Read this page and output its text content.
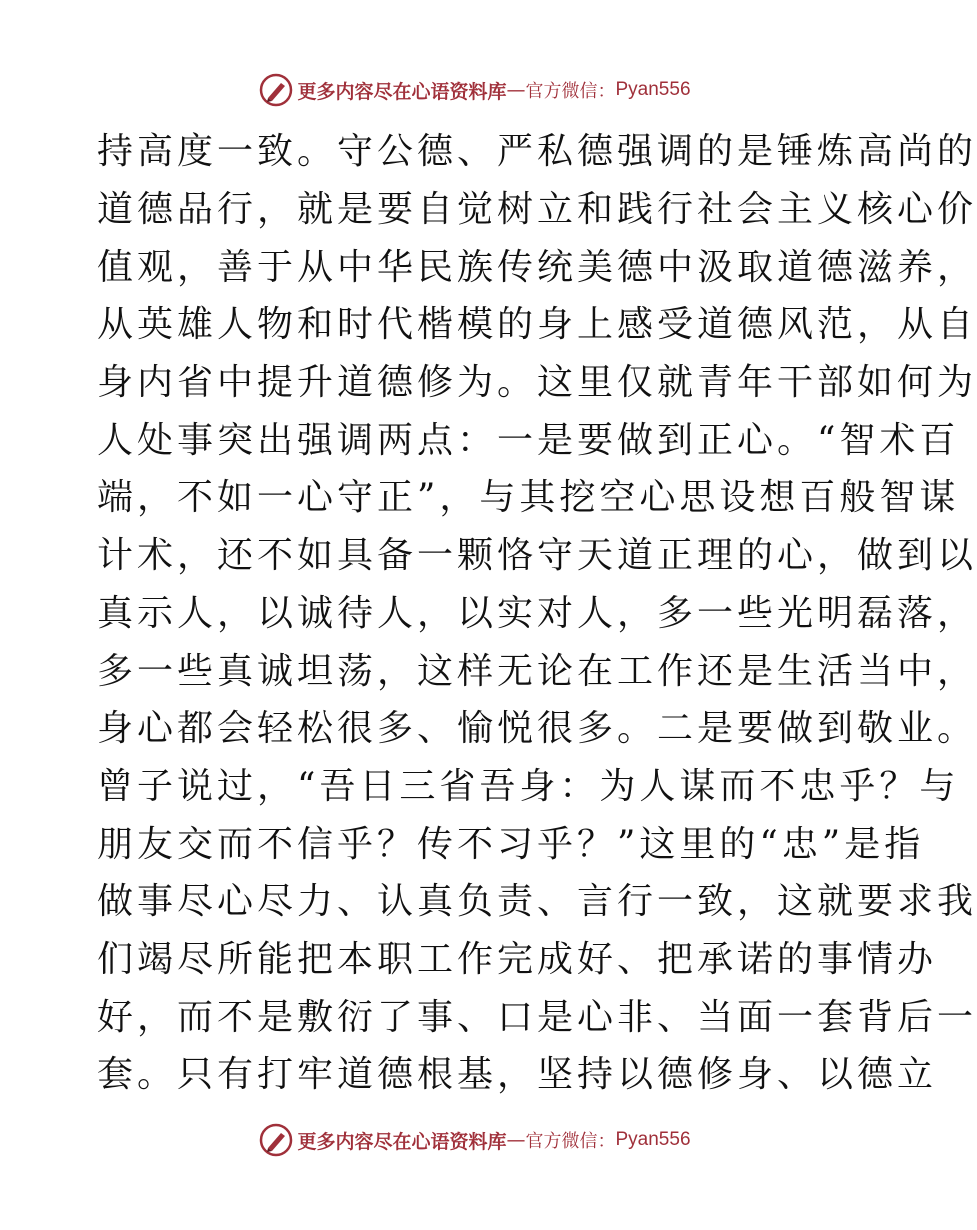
更多内容尽在心语资料库 — 官方微信： Pyan556
持高度一致。守公德、严私德强调的是锤炼高尚的
道德品行，就是要自觉树立和践行社会主义核心价
值观，善于从中华民族传统美德中汲取道德滋养，
从英雄人物和时代楷模的身上感受道德风范，从自
身内省中提升道德修为。这里仅就青年干部如何为
人处事突出强调两点：一是要做到正心。“智术百
端，不如一心守正”，与其挖空心思设想百般智谋
计术，还不如具备一颗恪守天道正理的心，做到以
真示人，以诚待人，以实对人，多一些光明磊落，
多一些真诚坦荡，这样无论在工作还是生活当中，
身心都会轻松很多、愉悦很多。二是要做到敬业。
曾子说过，“吾日三省吾身：为人谋而不忠乎？与
朋友交而不信乎？传不习乎？”这里的“忠”是指
做事尽心尽力、认真负责、言行一致，这就要求我
们竭尽所能把本职工作完成好、把承诺的事情办
好，而不是敷衍了事、口是心非、当面一套背后一
套。只有打牢道德根基，坚持以德修身、以德立
更多内容尽在心语资料库 — 官方微信： Pyan556
